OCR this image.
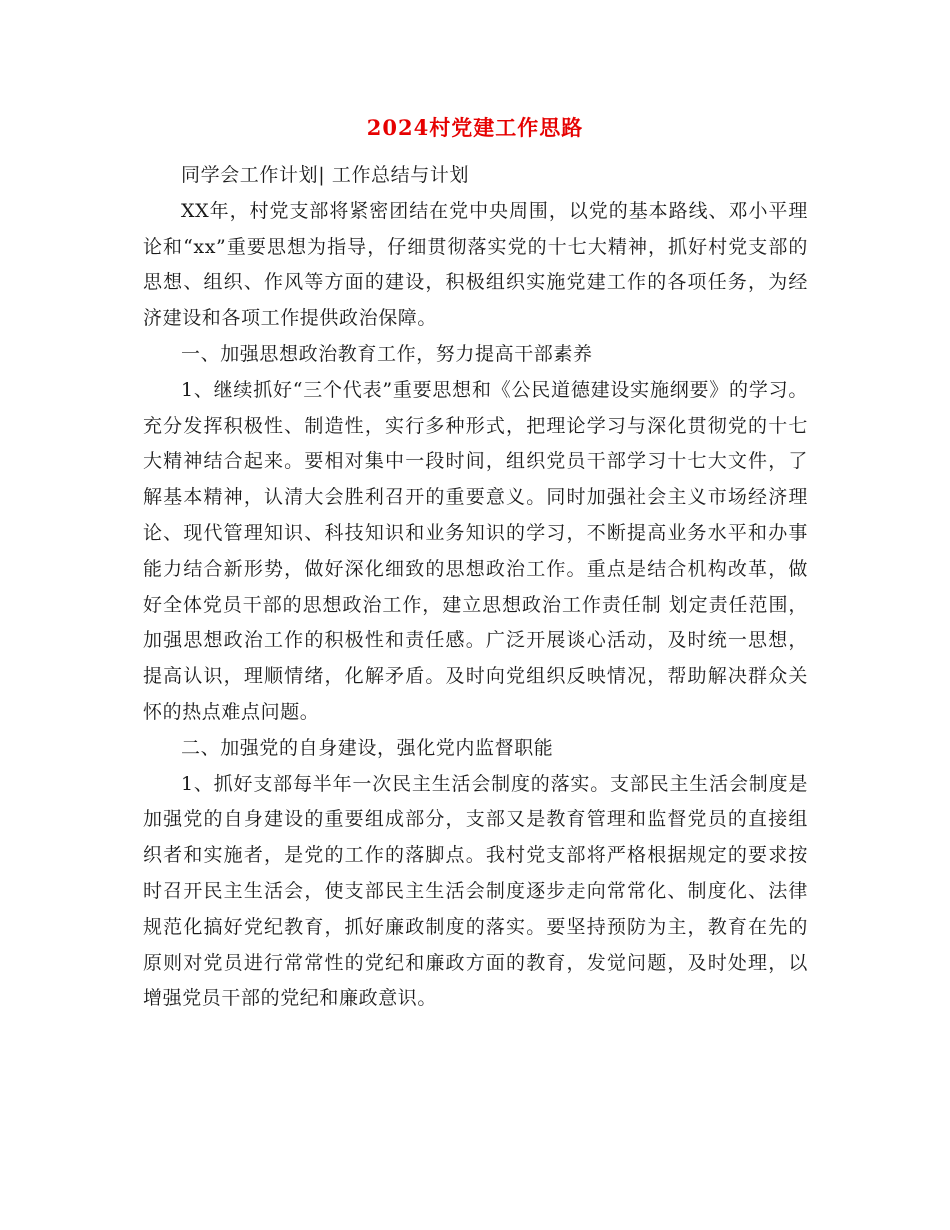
2024村党建工作思路

同学会工作计划| 工作总结与计划

XX年，村党支部将紧密团结在党中央周围，以党的基本路线、邓小平理论和“xx”重要思想为指导，仔细贯彻落实党的十七大精神，抓好村党支部的思想、组织、作风等方面的建设，积极组织实施党建工作的各项任务，为经济建设和各项工作提供政治保障。

一、加强思想政治教育工作，努力提高干部素养

1、继续抓好“三个代表”重要思想和《公民道德建设实施纲要》的学习。充分发挥积极性、制造性，实行多种形式，把理论学习与深化贯彻党的十七大精神结合起来。要相对集中一段时间，组织党员干部学习十七大文件，了解基本精神，认清大会胜利召开的重要意义。同时加强社会主义市场经济理论、现代管理知识、科技知识和业务知识的学习，不断提高业务水平和办事能力结合新形势，做好深化细致的思想政治工作。重点是结合机构改革，做好全体党员干部的思想政治工作，建立思想政治工作责任制 划定责任范围，加强思想政治工作的积极性和责任感。广泛开展谈心活动，及时统一思想，提高认识，理顺情绪，化解矛盾。及时向党组织反映情况，帮助解决群众关怀的热点难点问题。

二、加强党的自身建设，强化党内监督职能

1、抓好支部每半年一次民主生活会制度的落实。支部民主生活会制度是加强党的自身建设的重要组成部分，支部又是教育管理和监督党员的直接组织者和实施者，是党的工作的落脚点。我村党支部将严格根据规定的要求按时召开民主生活会，使支部民主生活会制度逐步走向常常化、制度化、法律规范化搞好党纪教育，抓好廉政制度的落实。要坚持预防为主，教育在先的原则对党员进行常常性的党纪和廉政方面的教育，发觉问题，及时处理，以增强党员干部的党纪和廉政意识。
